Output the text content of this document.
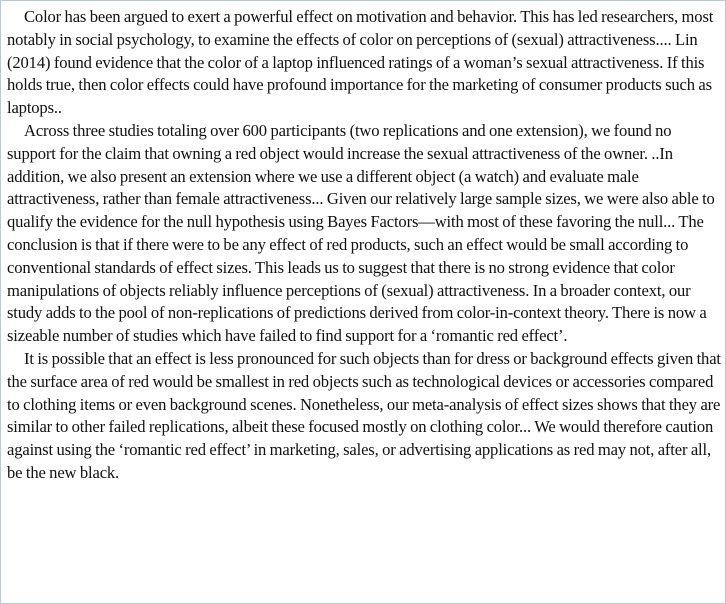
Color has been argued to exert a powerful effect on motivation and behavior. This has led researchers, most notably in social psychology, to examine the effects of color on perceptions of (sexual) attractiveness.... Lin (2014) found evidence that the color of a laptop influenced ratings of a woman’s sexual attractiveness. If this holds true, then color effects could have profound importance for the marketing of consumer products such as laptops..

Across three studies totaling over 600 participants (two replications and one extension), we found no support for the claim that owning a red object would increase the sexual attractiveness of the owner. ..In addition, we also present an extension where we use a different object (a watch) and evaluate male attractiveness, rather than female attractiveness... Given our relatively large sample sizes, we were also able to qualify the evidence for the null hypothesis using Bayes Factors—with most of these favoring the null... The conclusion is that if there were to be any effect of red products, such an effect would be small according to conventional standards of effect sizes. This leads us to suggest that there is no strong evidence that color manipulations of objects reliably influence perceptions of (sexual) attractiveness. In a broader context, our study adds to the pool of non-replications of predictions derived from color-in-context theory. There is now a sizeable number of studies which have failed to find support for a ‘romantic red effect’.

It is possible that an effect is less pronounced for such objects than for dress or background effects given that the surface area of red would be smallest in red objects such as technological devices or accessories compared to clothing items or even background scenes. Nonetheless, our meta-analysis of effect sizes shows that they are similar to other failed replications, albeit these focused mostly on clothing color... We would therefore caution against using the ‘romantic red effect’ in marketing, sales, or advertising applications as red may not, after all, be the new black.
